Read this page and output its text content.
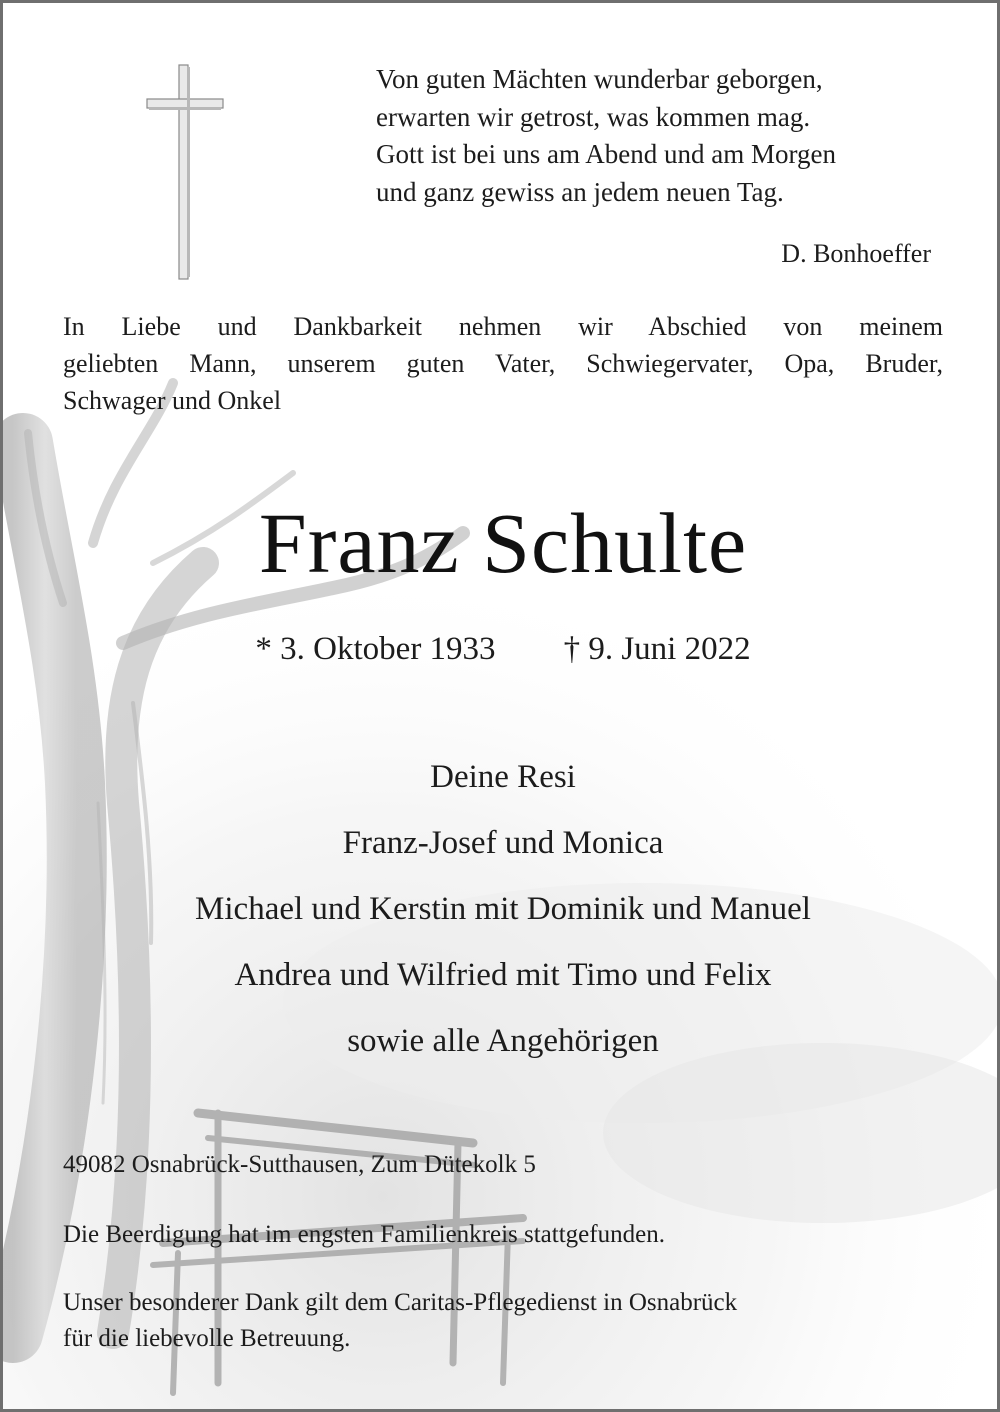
Von guten Mächten wunderbar geborgen,
erwarten wir getrost, was kommen mag.
Gott ist bei uns am Abend und am Morgen
und ganz gewiss an jedem neuen Tag.
D. Bonhoeffer
In Liebe und Dankbarkeit nehmen wir Abschied von meinem
geliebten Mann, unserem guten Vater, Schwiegervater, Opa, Bruder,
Schwager und Onkel
Franz Schulte
* 3. Oktober 1933 † 9. Juni 2022
Deine Resi
Franz-Josef und Monica
Michael und Kerstin mit Dominik und Manuel
Andrea und Wilfried mit Timo und Felix
sowie alle Angehörigen
49082 Osnabrück-Sutthausen, Zum Dütekolk 5
Die Beerdigung hat im engsten Familienkreis stattgefunden.
Unser besonderer Dank gilt dem Caritas-Pflegedienst in Osnabrück
für die liebevolle Betreuung.
